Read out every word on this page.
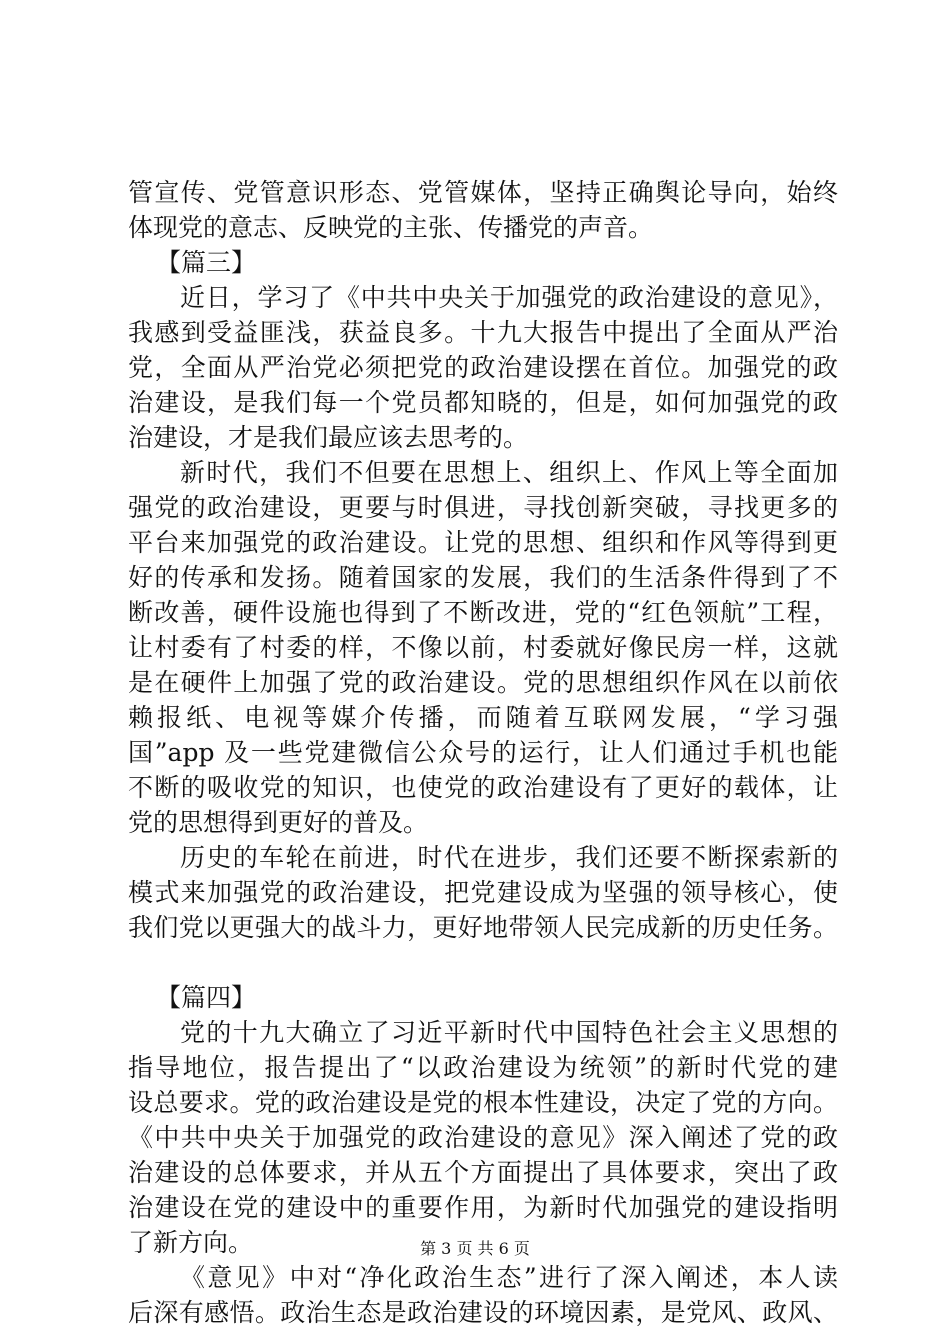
管宣传、党管意识形态、党管媒体，坚持正确舆论导向，始终
体现党的意志、反映党的主张、传播党的声音。
【篇三】
近日，学习了《中共中央关于加强党的政治建设的意见》，
我感到受益匪浅，获益良多。十九大报告中提出了全面从严治
党，全面从严治党必须把党的政治建设摆在首位。加强党的政
治建设，是我们每一个党员都知晓的，但是，如何加强党的政
治建设，才是我们最应该去思考的。
新时代，我们不但要在思想上、组织上、作风上等全面加
强党的政治建设，更要与时俱进，寻找创新突破，寻找更多的
平台来加强党的政治建设。让党的思想、组织和作风等得到更
好的传承和发扬。随着国家的发展，我们的生活条件得到了不
断改善，硬件设施也得到了不断改进，党的“红色领航”工程，
让村委有了村委的样，不像以前，村委就好像民房一样，这就
是在硬件上加强了党的政治建设。党的思想组织作风在以前依
赖报纸、电视等媒介传播，而随着互联网发展，“学习强
国”app 及一些党建微信公众号的运行，让人们通过手机也能
不断的吸收党的知识，也使党的政治建设有了更好的载体，让
党的思想得到更好的普及。
历史的车轮在前进，时代在进步，我们还要不断探索新的
模式来加强党的政治建设，把党建设成为坚强的领导核心，使
我们党以更强大的战斗力，更好地带领人民完成新的历史任务。
【篇四】
党的十九大确立了习近平新时代中国特色社会主义思想的
指导地位，报告提出了“以政治建设为统领”的新时代党的建
设总要求。党的政治建设是党的根本性建设，决定了党的方向。
《中共中央关于加强党的政治建设的意见》深入阐述了党的政
治建设的总体要求，并从五个方面提出了具体要求，突出了政
治建设在党的建设中的重要作用，为新时代加强党的建设指明
了新方向。
《意见》中对“净化政治生态”进行了深入阐述，本人读
后深有感悟。政治生态是政治建设的环境因素，是党风、政风、
第 3 页 共 6 页
